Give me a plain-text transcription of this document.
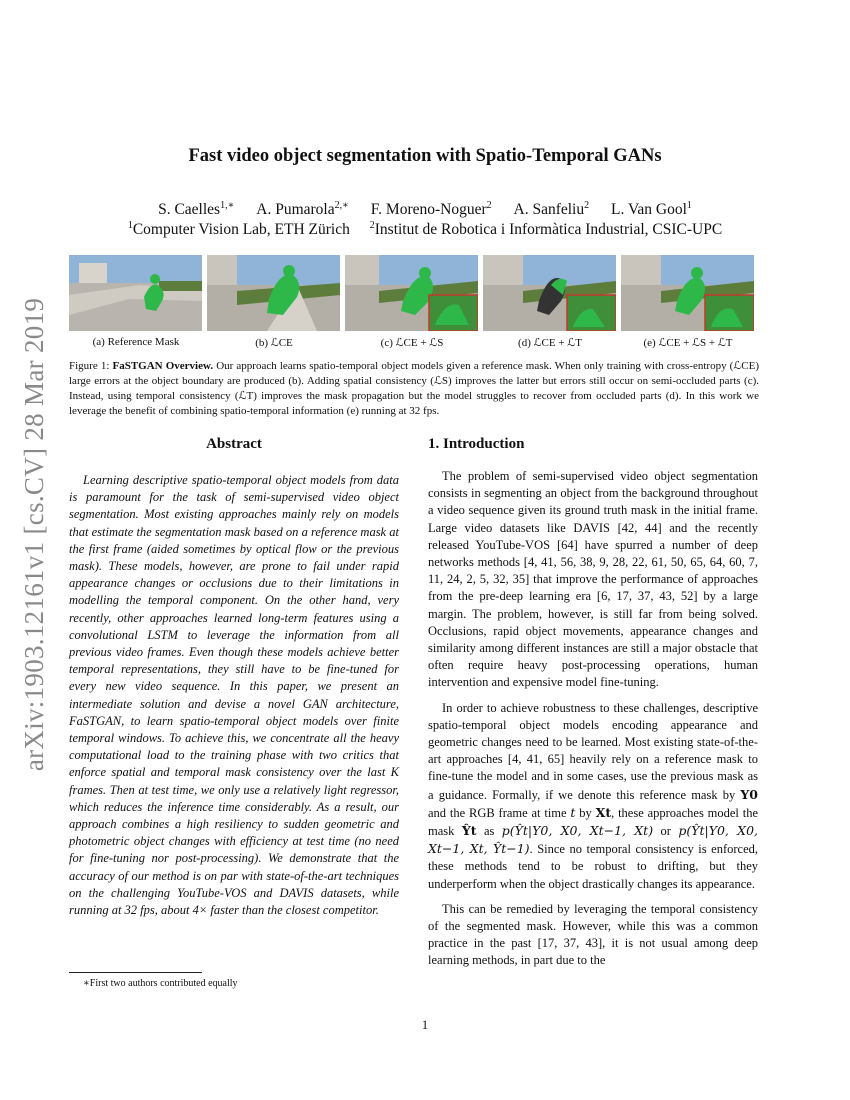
arXiv:1903.12161v1 [cs.CV] 28 Mar 2019
Fast video object segmentation with Spatio-Temporal GANs
S. Caelles$^{1,∗}$ A. Pumarola$^{2,∗}$ F. Moreno-Noguer$^2$ A. Sanfeliu$^2$ L. Van Gool$^1$
$^1$Computer Vision Lab, ETH Zürich $^2$Institut de Robotica i Informàtica Industrial, CSIC-UPC
(a) Reference Mask	(b) ℒCE	(c) ℒCE + ℒS	(d) ℒCE + ℒT	(e) ℒCE + ℒS + ℒT
Figure 1: FaSTGAN Overview. Our approach learns spatio-temporal object models given a reference mask. When only training with cross-entropy (ℒCE) large errors at the object boundary are produced (b). Adding spatial consistency (ℒS) improves the latter but errors still occur on semi-occluded parts (c). Instead, using temporal consistency (ℒT) improves the mask propagation but the model struggles to recover from occluded parts (d). In this work we leverage the benefit of combining spatio-temporal information (e) running at 32 fps.
Abstract

Learning descriptive spatio-temporal object models from data is paramount for the task of semi-supervised video object segmentation. Most existing approaches mainly rely on models that estimate the segmentation mask based on a reference mask at the first frame (aided sometimes by optical flow or the previous mask). These models, however, are prone to fail under rapid appearance changes or occlusions due to their limitations in modelling the temporal component. On the other hand, very recently, other approaches learned long-term features using a convolutional LSTM to leverage the information from all previous video frames. Even though these models achieve better temporal representations, they still have to be fine-tuned for every new video sequence. In this paper, we present an intermediate solution and devise a novel GAN architecture, FaSTGAN, to learn spatio-temporal object models over finite temporal windows. To achieve this, we concentrate all the heavy computational load to the training phase with two critics that enforce spatial and temporal mask consistency over the last K frames. Then at test time, we only use a relatively light regressor, which reduces the inference time considerably. As a result, our approach combines a high resiliency to sudden geometric and photometric object changes with efficiency at test time (no need for fine-tuning nor post-processing). We demonstrate that the accuracy of our method is on par with state-of-the-art techniques on the challenging YouTube-VOS and DAVIS datasets, while running at 32 fps, about 4× faster than the closest competitor.

1. Introduction

The problem of semi-supervised video object segmentation consists in segmenting an object from the background throughout a video sequence given its ground truth mask in the initial frame. Large video datasets like DAVIS [42, 44] and the recently released YouTube-VOS [64] have spurred a number of deep networks methods [4, 41, 56, 38, 9, 28, 22, 61, 50, 65, 64, 60, 7, 11, 24, 2, 5, 32, 35] that improve the performance of approaches from the pre-deep learning era [6, 17, 37, 43, 52] by a large margin. The problem, however, is still far from being solved. Occlusions, rapid object movements, appearance changes and similarity among different instances are still a major obstacle that often require heavy post-processing operations, human intervention and expensive model fine-tuning.

In order to achieve robustness to these challenges, descriptive spatio-temporal object models encoding appearance and geometric changes need to be learned. Most existing state-of-the-art approaches [4, 41, 65] heavily rely on a reference mask to fine-tune the model and in some cases, use the previous mask as a guidance. Formally, if we denote this reference mask by Y0 and the RGB frame at time t by Xt, these approaches model the mask Ŷt as p(Ŷt|Y0, X0, Xt−1, Xt) or p(Ŷt|Y0, X0, Xt−1, Xt, Ŷt−1). Since no temporal consistency is enforced, these methods tend to be robust to drifting, but they underperform when the object drastically changes its appearance.

This can be remedied by leveraging the temporal consistency of the segmented mask. However, while this was a common practice in the past [17, 37, 43], it is not usual among deep learning methods, in part due to the

∗First two authors contributed equally
1
